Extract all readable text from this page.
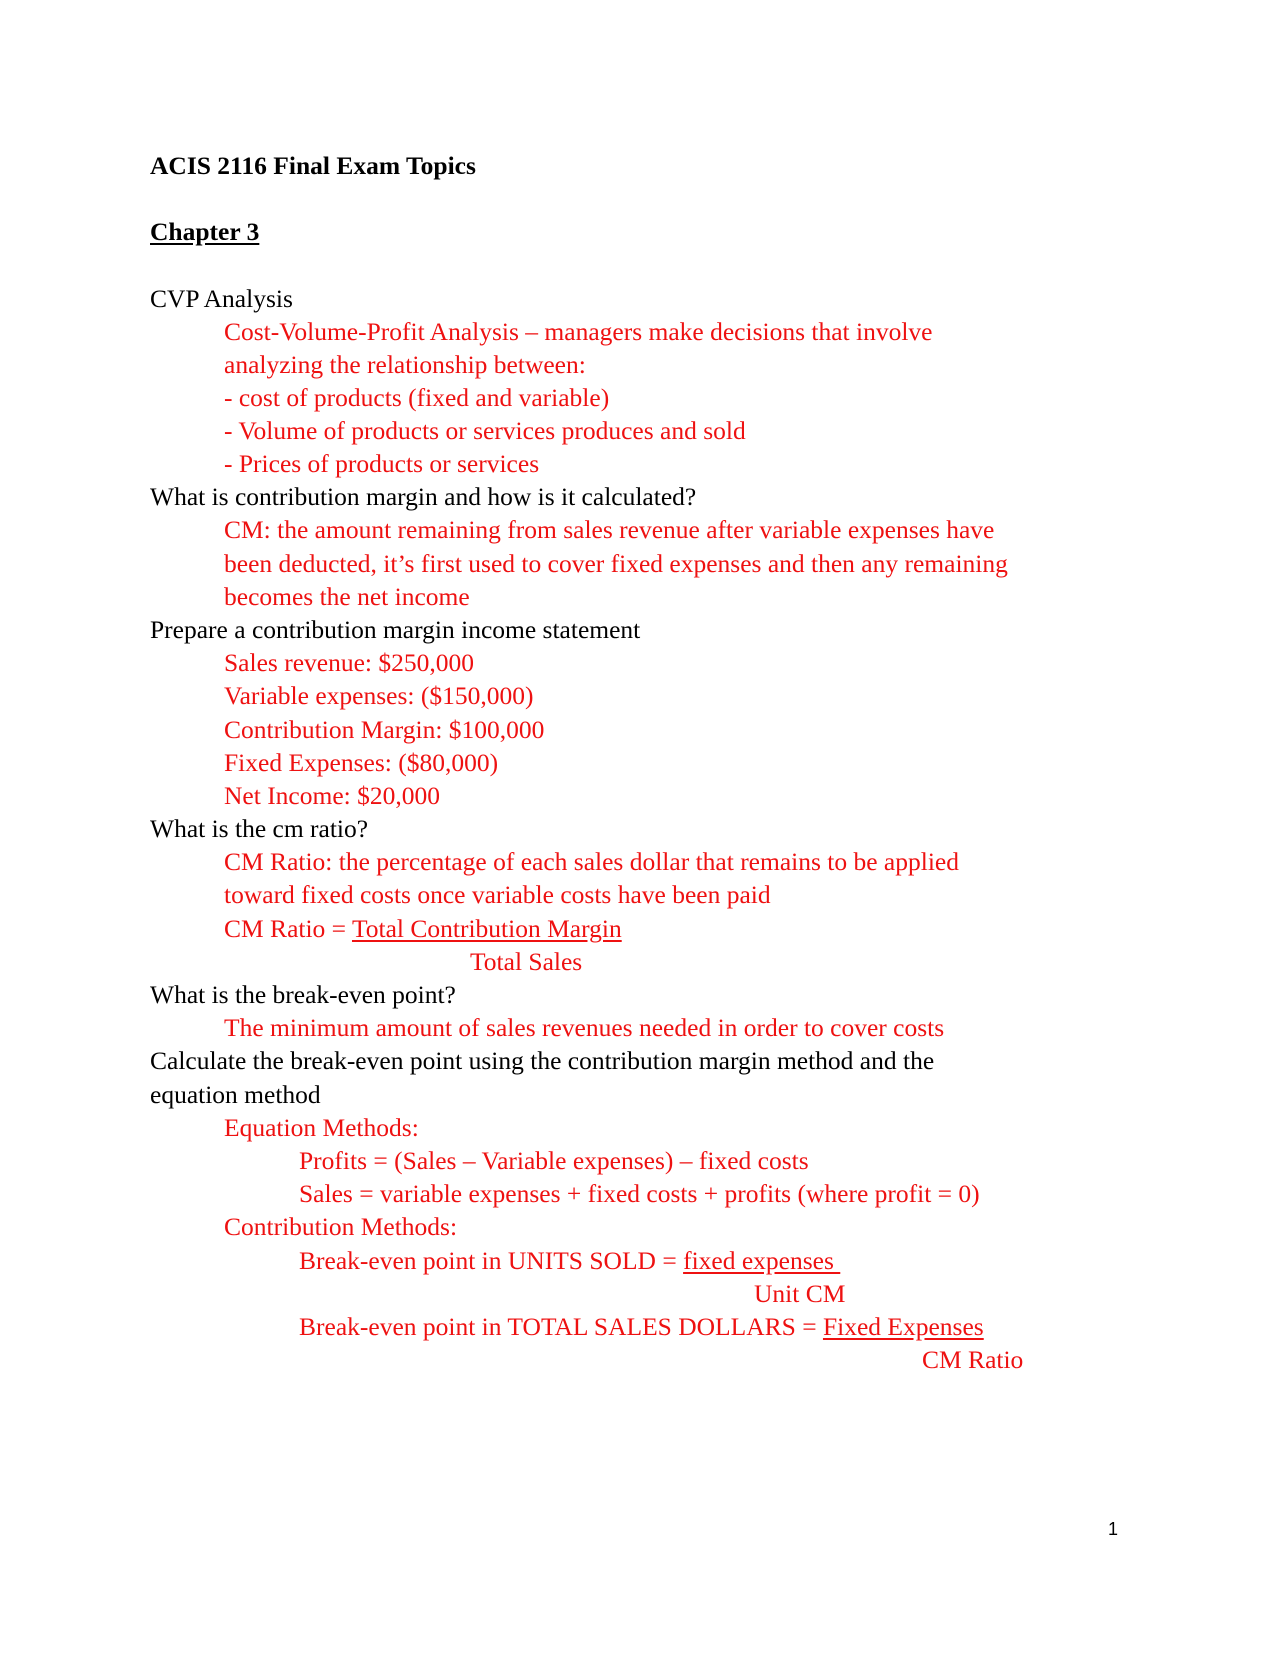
ACIS 2116 Final Exam Topics
Chapter 3
CVP Analysis
Cost-Volume-Profit Analysis – managers make decisions that involve
analyzing the relationship between:
- cost of products (fixed and variable)
- Volume of products or services produces and sold
- Prices of products or services
What is contribution margin and how is it calculated?
CM: the amount remaining from sales revenue after variable expenses have
been deducted, it’s first used to cover fixed expenses and then any remaining
becomes the net income
Prepare a contribution margin income statement
Sales revenue: $250,000
Variable expenses: ($150,000)
Contribution Margin: $100,000
Fixed Expenses: ($80,000)
Net Income: $20,000
What is the cm ratio?
CM Ratio: the percentage of each sales dollar that remains to be applied
toward fixed costs once variable costs have been paid
CM Ratio = Total Contribution Margin
Total Sales
What is the break-even point?
The minimum amount of sales revenues needed in order to cover costs
Calculate the break-even point using the contribution margin method and the
equation method
Equation Methods:
Profits = (Sales – Variable expenses) – fixed costs
Sales = variable expenses + fixed costs + profits (where profit = 0)
Contribution Methods:
Break-even point in UNITS SOLD = fixed expenses
Unit CM
Break-even point in TOTAL SALES DOLLARS = Fixed Expenses
CM Ratio
1
